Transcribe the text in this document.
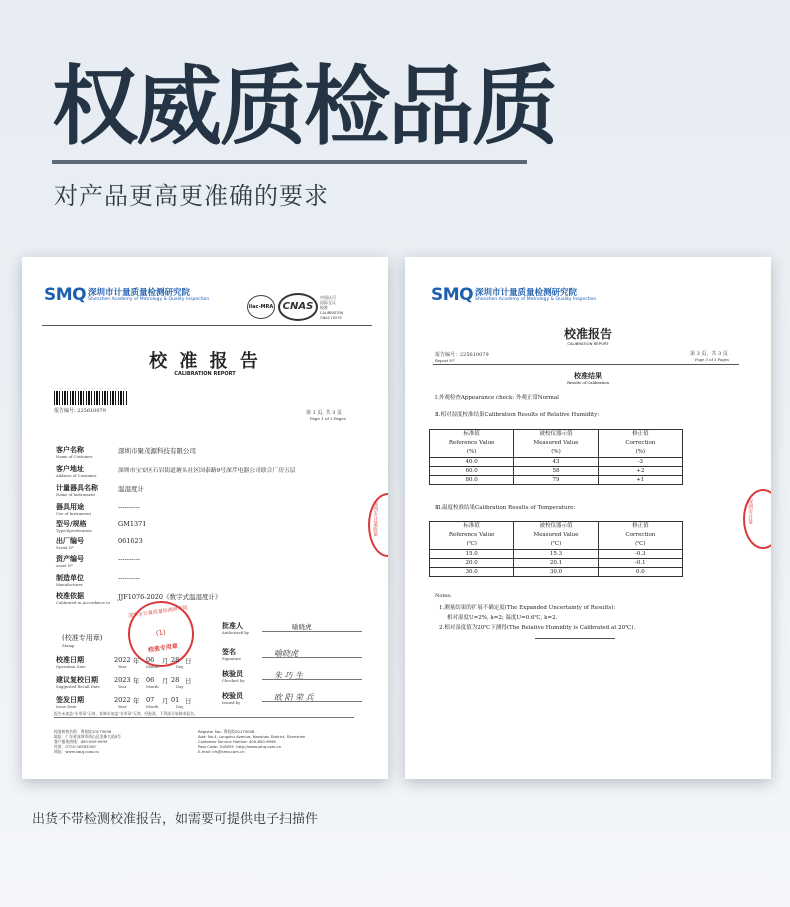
权威质检品质
对产品更高更准确的要求
SMQ 深圳市计量质量检测研究院
Shenzhen Academy of Metrology & Quality Inspection
ilac-MRA CNAS
中国认可
国际互认
校准
CALIBRATION
CNAS L0579
校 准 报 告
CALIBRATION REPORT
报告编号: 225610079	第 1 页, 共 3 页
Page 1 of 3 Pages
客户名称
Name of Customer
深圳市聚茂源科技有限公司
客户地址
Address of Customer
深圳市宝安区石岩街道塘头社区国泰路9号深芹电器公司联合厂房五层
计量器具名称
Name of Instrument
温湿度计
器具用途
Use of Instrument
----------
型号/规格
Type/Specification
GM1371
出厂编号
Serial Nº
061623
资产编号
Asset Nº
----------
制造单位
Manufacturer
----------
校准依据
Calibrated in Accordance to
JJF1076-2020《数字式温湿度计》
(校准专用章)
Stamp
深圳市计量质量检测研究院
(1)
校准专用章
深圳市计量质量
校准日期
Operation Date
2022 年 06 月 28 日
Year	Month	Day
建议复校日期
Suggested Recall Date
2023 年 06 月 28 日
Year	Month	Day
签发日期
Issue Date
2022 年 07 月 01 日
Year	Month	Day
批准人
Authorized by
喻晓虎
签名
Signature
喻晓虎
核验员
Checked by
朱 巧 生
校验员
Issued by
欧 阳 荣 兵
报告未加盖"专用章"无效，复制未加盖"专用章"无效，经批准，不得部分复制本报告。
校准机构名称：粤检院20179008
地址：广东省深圳市南山区龙珠大道4号
客户服务热线：400-800-9999
传真：0755-26941500
网址：www.smq.com.cn
Register No.: 粤检院20179008
Add: No.4, Longzhu Avenue, Nanshan District, Shenzhen
Customer Service Hotline: 400-800-9999
Post Code: 518055  http://www.smq.com.cn
E-mail: cfs@smq.com.cn
SMQ 深圳市计量质量检测研究院
Shenzhen Academy of Metrology & Quality Inspection
校准报告
CALIBRATION REPORT
报告编号：225610079
Report Nº
第 3 页，共 3 页
Page 3 of 3 Pages
校准结果
Results of Calibration
Ⅰ.外观检查Appearance check: 外观正常Normal
Ⅱ.相对湿度校准结果Calibration Results of Relative Humidity:
标准值
Reference Value
(%)	被校仪器示值
Measured Value
(%)	修正值
Correction
(%)
40.0	43	-3
60.0	58	+2
80.0	79	+1
Ⅲ.温度校准结果Calibration Results of Temperature:
标准值
Reference Value
(℃)	被校仪器示值
Measured Value
(℃)	修正值
Correction
(℃)
15.0	15.3	-0.3
20.0	20.1	-0.1
30.0	30.0	0.0
Notes:
1.测量结果的扩展不确定度(The Expanded Uncertainty of Results):
相对湿度U=2%, k=2; 温度U=0.6℃, k=2.
2.相对湿度值为20℃下测得(The Relative Humidity is Calibrated at 20℃).
深圳市计量
出货不带检测校准报告，如需要可提供电子扫描件
